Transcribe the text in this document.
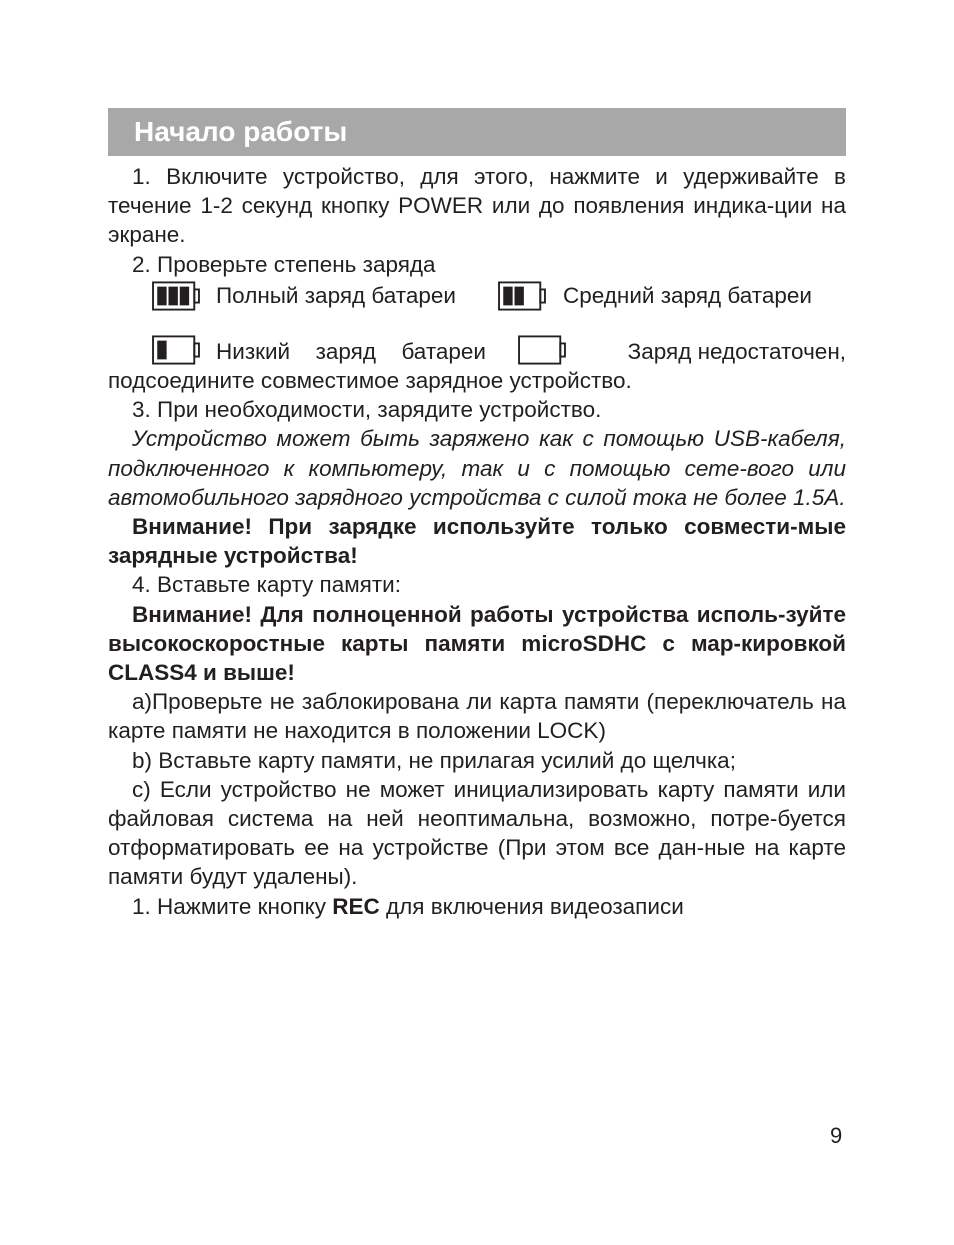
Начало работы

1. Включите устройство, для этого, нажмите и удерживайте в течение 1-2 секунд кнопку POWER или до появления индика-ции на экране.

2. Проверьте степень заряда

Полный заряд батареи	Средний заряд батареи
Низкий заряд батареи	Заряд недостаточен,

подсоедините совместимое зарядное устройство.

3. При необходимости, зарядите устройство.

Устройство может быть заряжено как с помощью USB-кабеля, подключенного к компьютеру, так и с помощью сете-вого или автомобильного зарядного устройства с силой тока не более 1.5А.

Внимание! При зарядке используйте только совмести-мые зарядные устройства!

4. Вставьте карту памяти:

Внимание! Для полноценной работы устройства исполь-зуйте высокоскоростные карты памяти microSDHC с мар-кировкой CLASS4 и выше!

а)Проверьте не заблокирована ли карта памяти (переключатель на карте памяти не находится в положении LOCK)

b) Вставьте карту памяти, не прилагая усилий до щелчка;

с) Если устройство не может инициализировать карту памяти или файловая система на ней неоптимальна, возможно, потре-буется отформатировать ее на устройстве (При этом все дан-ные на карте памяти будут удалены).

1. Нажмите кнопку REC для включения видеозаписи

9
